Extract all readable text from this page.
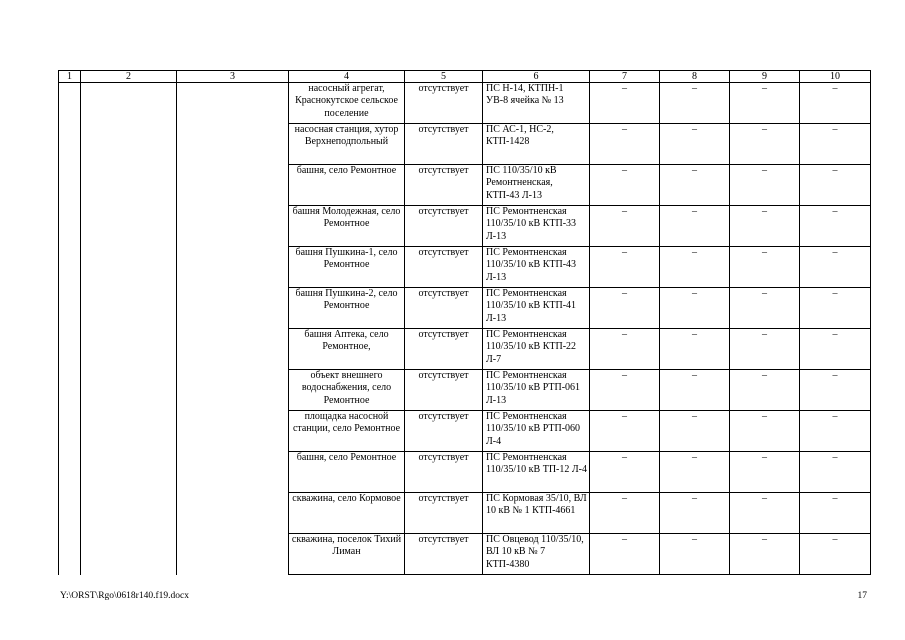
1	2	3	4	5	6	7	8	9	10
			насосный агрегат, Краснокутское сельское поселение	отсутствует	ПС Н-14, КТПН-1 УВ-8 ячейка № 13	–	–	–	–
			насосная станция, хутор Верхнеподпольный	отсутствует	ПС АС-1, НС-2, КТП-1428	–	–	–	–
			башня, село Ремонтное	отсутствует	ПС 110/35/10 кВ Ремонтненская, КТП-43 Л-13	–	–	–	–
			башня Молодежная, село Ремонтное	отсутствует	ПС Ремонтненская 110/35/10 кВ КТП-33 Л-13	–	–	–	–
			башня Пушкина-1, село Ремонтное	отсутствует	ПС Ремонтненская 110/35/10 кВ КТП-43 Л-13	–	–	–	–
			башня Пушкина-2, село Ремонтное	отсутствует	ПС Ремонтненская 110/35/10 кВ КТП-41 Л-13	–	–	–	–
			башня Аптека, село Ремонтное,	отсутствует	ПС Ремонтненская 110/35/10 кВ КТП-22 Л-7	–	–	–	–
			объект внешнего водоснабжения, село Ремонтное	отсутствует	ПС Ремонтненская 110/35/10 кВ РТП-061 Л-13	–	–	–	–
			площадка насосной станции, село Ремонтное	отсутствует	ПС Ремонтненская 110/35/10 кВ РТП-060 Л-4	–	–	–	–
			башня, село Ремонтное	отсутствует	ПС Ремонтненская 110/35/10 кВ ТП-12 Л-4	–	–	–	–
			скважина, село Кормовое	отсутствует	ПС Кормовая 35/10, ВЛ 10 кВ № 1 КТП-4661	–	–	–	–
			скважина, поселок Тихий Лиман	отсутствует	ПС Овцевод 110/35/10, ВЛ 10 кВ № 7 КТП-4380	–	–	–	–
Y:\ORST\Rgo\0618r140.f19.docx	17
